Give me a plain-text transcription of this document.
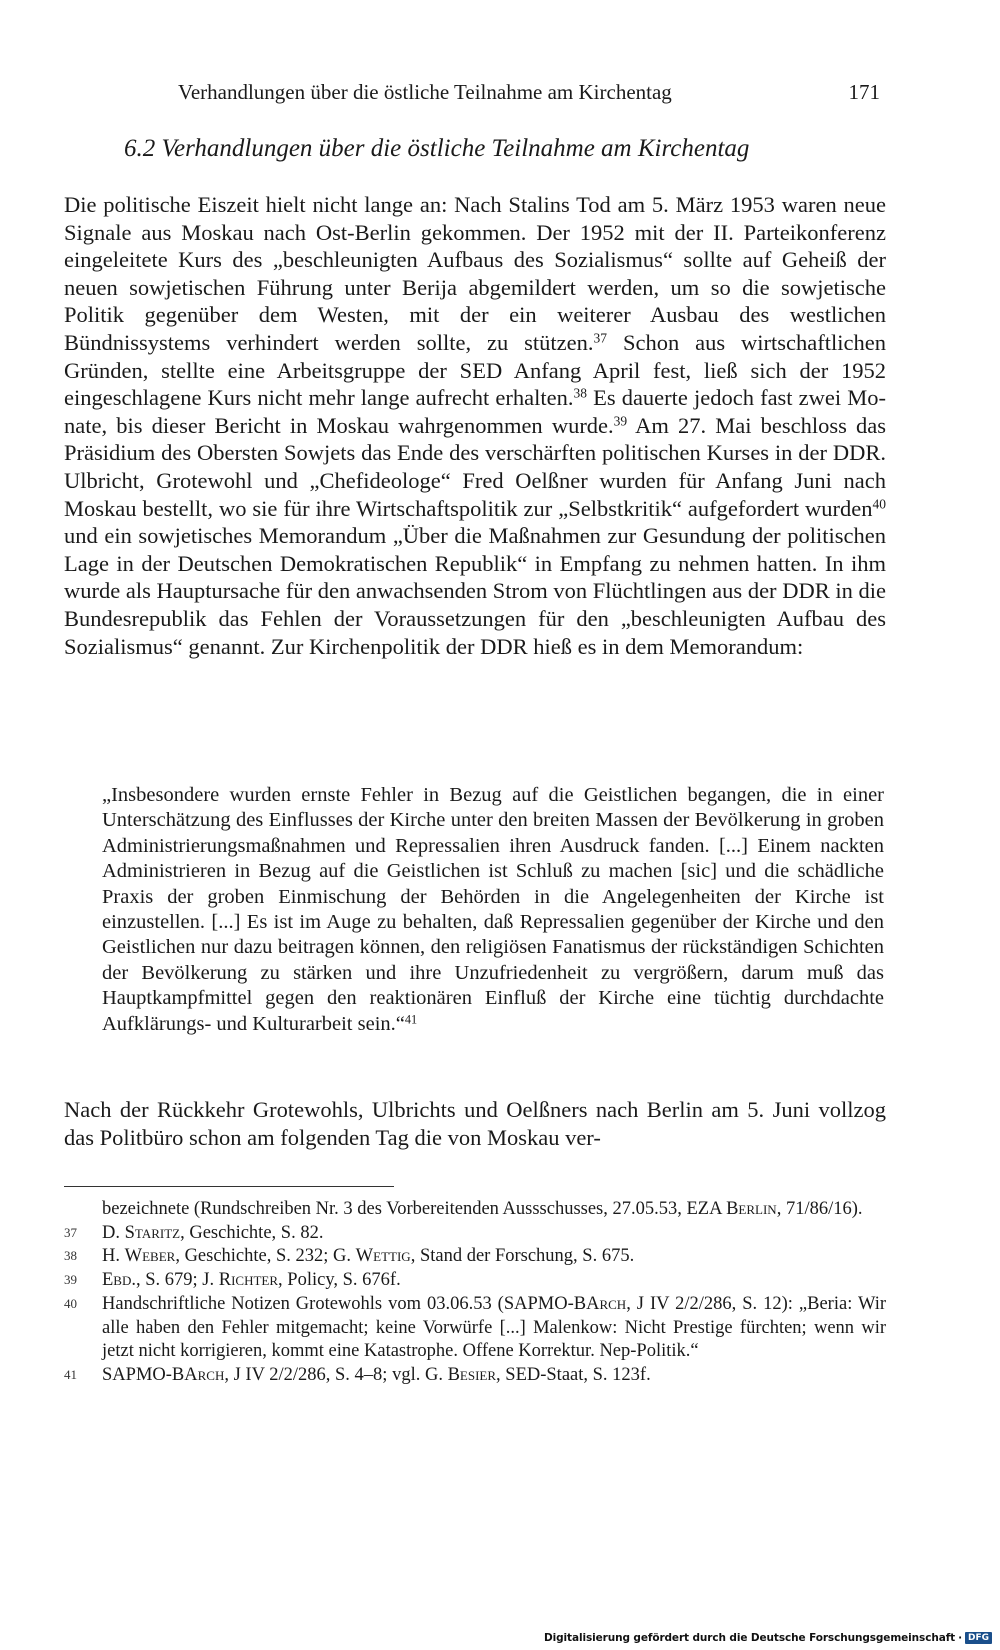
Verhandlungen über die östliche Teilnahme am Kirchentag	171
6.2 Verhandlungen über die östliche Teilnahme am Kirchentag
Die politische Eiszeit hielt nicht lange an: Nach Stalins Tod am 5. März 1953 waren neue Signale aus Moskau nach Ost-Berlin gekommen. Der 1952 mit der II. Parteikonferenz eingeleitete Kurs des „beschleunigten Aufbaus des Sozialismus“ sollte auf Geheiß der neuen sowjetischen Führung unter Berija abgemildert werden, um so die sowjetische Politik gegenüber dem Westen, mit der ein weiterer Ausbau des westlichen Bündnissystems verhindert werden sollte, zu stützen.$^{37}$ Schon aus wirtschaftlichen Gründen, stellte eine Arbeitsgruppe der SED Anfang April fest, ließ sich der 1952 eingeschlagene Kurs nicht mehr lange aufrecht erhalten.$^{38}$ Es dauerte jedoch fast zwei Monate, bis dieser Bericht in Moskau wahrgenommen wurde.$^{39}$ Am 27. Mai beschloss das Präsidium des Obersten Sowjets das Ende des verschärften politischen Kurses in der DDR. Ulbricht, Grotewohl und „Chefideologe“ Fred Oelßner wurden für Anfang Juni nach Moskau bestellt, wo sie für ihre Wirtschaftspolitik zur „Selbstkritik“ aufgefordert wurden$^{40}$ und ein sowjetisches Memorandum „Über die Maßnahmen zur Gesundung der politischen Lage in der Deutschen Demokratischen Republik“ in Empfang zu nehmen hatten. In ihm wurde als Hauptursache für den anwachsenden Strom von Flüchtlingen aus der DDR in die Bundesrepublik das Fehlen der Voraussetzungen für den „beschleunigten Aufbau des Sozialismus“ genannt. Zur Kirchenpolitik der DDR hieß es in dem Memorandum:
„Insbesondere wurden ernste Fehler in Bezug auf die Geistlichen begangen, die in einer Unterschätzung des Einflusses der Kirche unter den breiten Massen der Bevölkerung in groben Administrierungsmaßnahmen und Repressalien ihren Ausdruck fanden. [...] Einem nackten Administrieren in Bezug auf die Geistlichen ist Schluß zu machen [sic] und die schädliche Praxis der groben Einmischung der Behörden in die Angelegenheiten der Kirche ist einzustellen. [...] Es ist im Auge zu behalten, daß Repressalien gegenüber der Kirche und den Geistlichen nur dazu beitragen können, den religiösen Fanatismus der rückständigen Schichten der Bevölkerung zu stärken und ihre Unzufriedenheit zu vergrößern, darum muß das Hauptkampfmittel gegen den reaktionären Einfluß der Kirche eine tüchtig durchdachte Aufklärungs- und Kulturarbeit sein.“$^{41}$
Nach der Rückkehr Grotewohls, Ulbrichts und Oelßners nach Berlin am 5. Juni vollzog das Politbüro schon am folgenden Tag die von Moskau ver-
bezeichnete (Rundschreiben Nr. 3 des Vorbereitenden Aussschusses, 27.05.53, EZA Berlin, 71/86/16).
37	D. Staritz, Geschichte, S. 82.
38	H. Weber, Geschichte, S. 232; G. Wettig, Stand der Forschung, S. 675.
39	Ebd., S. 679; J. Richter, Policy, S. 676f.
40	Handschriftliche Notizen Grotewohls vom 03.06.53 (SAPMO-BArch, J IV 2/2/286, S. 12): „Beria: Wir alle haben den Fehler mitgemacht; keine Vorwürfe [...] Malenkow: Nicht Prestige fürchten; wenn wir jetzt nicht korrigieren, kommt eine Katastrophe. Offene Korrektur. Nep-Politik.“
41	SAPMO-BArch, J IV 2/2/286, S. 4–8; vgl. G. Besier, SED-Staat, S. 123f.
Digitalisierung gefördert durch die Deutsche Forschungsgemeinschaft · DFG
